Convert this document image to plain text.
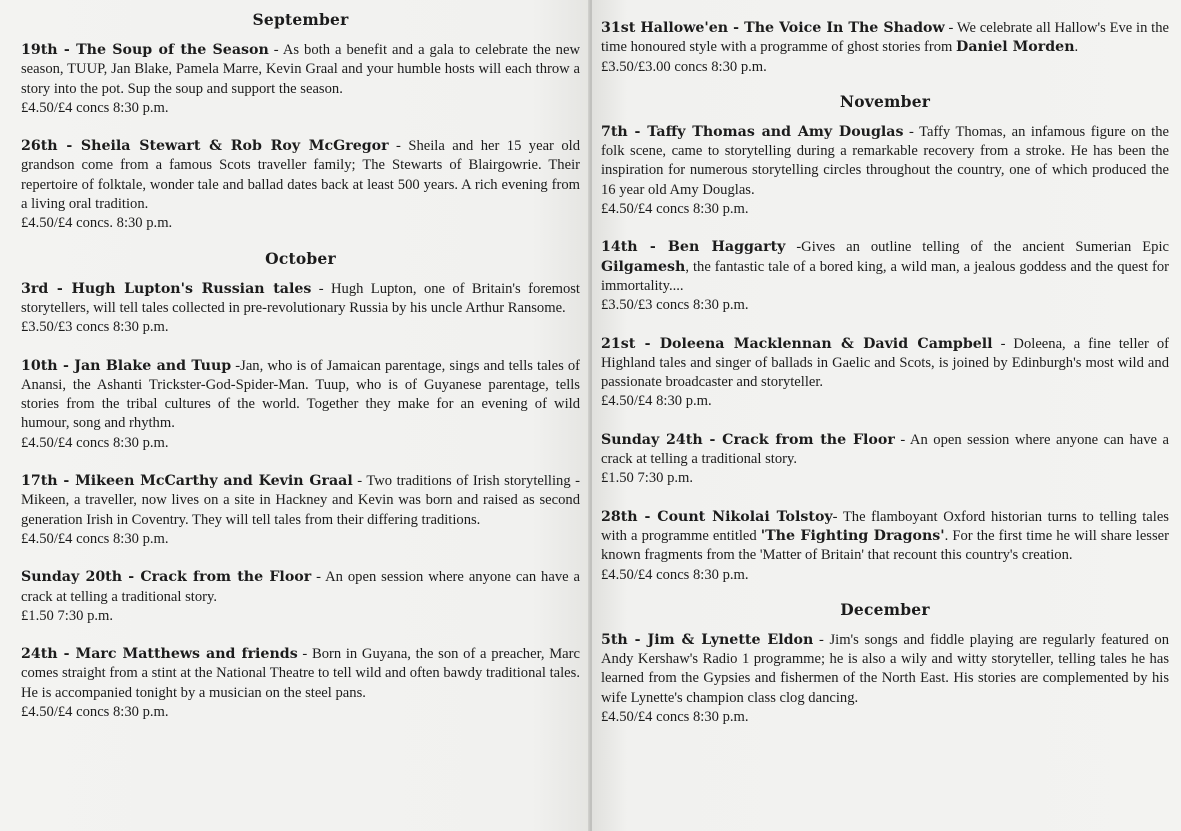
September
19th - The Soup of the Season - As both a benefit and a gala to celebrate the new season, TUUP, Jan Blake, Pamela Marre, Kevin Graal and your humble hosts will each throw a story into the pot. Sup the soup and support the season.
£4.50/£4 concs 8:30 p.m.
26th - Sheila Stewart & Rob Roy McGregor - Sheila and her 15 year old grandson come from a famous Scots traveller family; The Stewarts of Blairgowrie. Their repertoire of folktale, wonder tale and ballad dates back at least 500 years. A rich evening from a living oral tradition.
£4.50/£4 concs. 8:30 p.m.
October
3rd - Hugh Lupton's Russian tales - Hugh Lupton, one of Britain's foremost storytellers, will tell tales collected in pre-revolutionary Russia by his uncle Arthur Ransome.
£3.50/£3 concs 8:30 p.m.
10th - Jan Blake and Tuup -Jan, who is of Jamaican parentage, sings and tells tales of Anansi, the Ashanti Trickster-God-Spider-Man. Tuup, who is of Guyanese parentage, tells stories from the tribal cultures of the world. Together they make for an evening of wild humour, song and rhythm.
£4.50/£4 concs 8:30 p.m.
17th - Mikeen McCarthy and Kevin Graal - Two traditions of Irish storytelling - Mikeen, a traveller, now lives on a site in Hackney and Kevin was born and raised as second generation Irish in Coventry. They will tell tales from their differing traditions.
£4.50/£4 concs 8:30 p.m.
Sunday 20th - Crack from the Floor - An open session where anyone can have a crack at telling a traditional story.
£1.50 7:30 p.m.
24th - Marc Matthews and friends - Born in Guyana, the son of a preacher, Marc comes straight from a stint at the National Theatre to tell wild and often bawdy traditional tales. He is accompanied tonight by a musician on the steel pans.
£4.50/£4 concs 8:30 p.m.
31st Hallowe'en - The Voice In The Shadow - We celebrate all Hallow's Eve in the time honoured style with a programme of ghost stories from Daniel Morden.
£3.50/£3.00 concs 8:30 p.m.
November
7th - Taffy Thomas and Amy Douglas - Taffy Thomas, an infamous figure on the folk scene, came to storytelling during a remarkable recovery from a stroke. He has been the inspiration for numerous storytelling circles throughout the country, one of which produced the 16 year old Amy Douglas.
£4.50/£4 concs 8:30 p.m.
14th - Ben Haggarty -Gives an outline telling of the ancient Sumerian Epic Gilgamesh, the fantastic tale of a bored king, a wild man, a jealous goddess and the quest for immortality....
£3.50/£3 concs 8:30 p.m.
21st - Doleena Macklennan & David Campbell - Doleena, a fine teller of Highland tales and singer of ballads in Gaelic and Scots, is joined by Edinburgh's most wild and passionate broadcaster and storyteller.
£4.50/£4 8:30 p.m.
Sunday 24th - Crack from the Floor - An open session where anyone can have a crack at telling a traditional story.
£1.50 7:30 p.m.
28th - Count Nikolai Tolstoy- The flamboyant Oxford historian turns to telling tales with a programme entitled 'The Fighting Dragons'. For the first time he will share lesser known fragments from the 'Matter of Britain' that recount this country's creation.
£4.50/£4 concs 8:30 p.m.
December
5th - Jim & Lynette Eldon - Jim's songs and fiddle playing are regularly featured on Andy Kershaw's Radio 1 programme; he is also a wily and witty storyteller, telling tales he has learned from the Gypsies and fishermen of the North East. His stories are complemented by his wife Lynette's champion class clog dancing.
£4.50/£4 concs 8:30 p.m.
